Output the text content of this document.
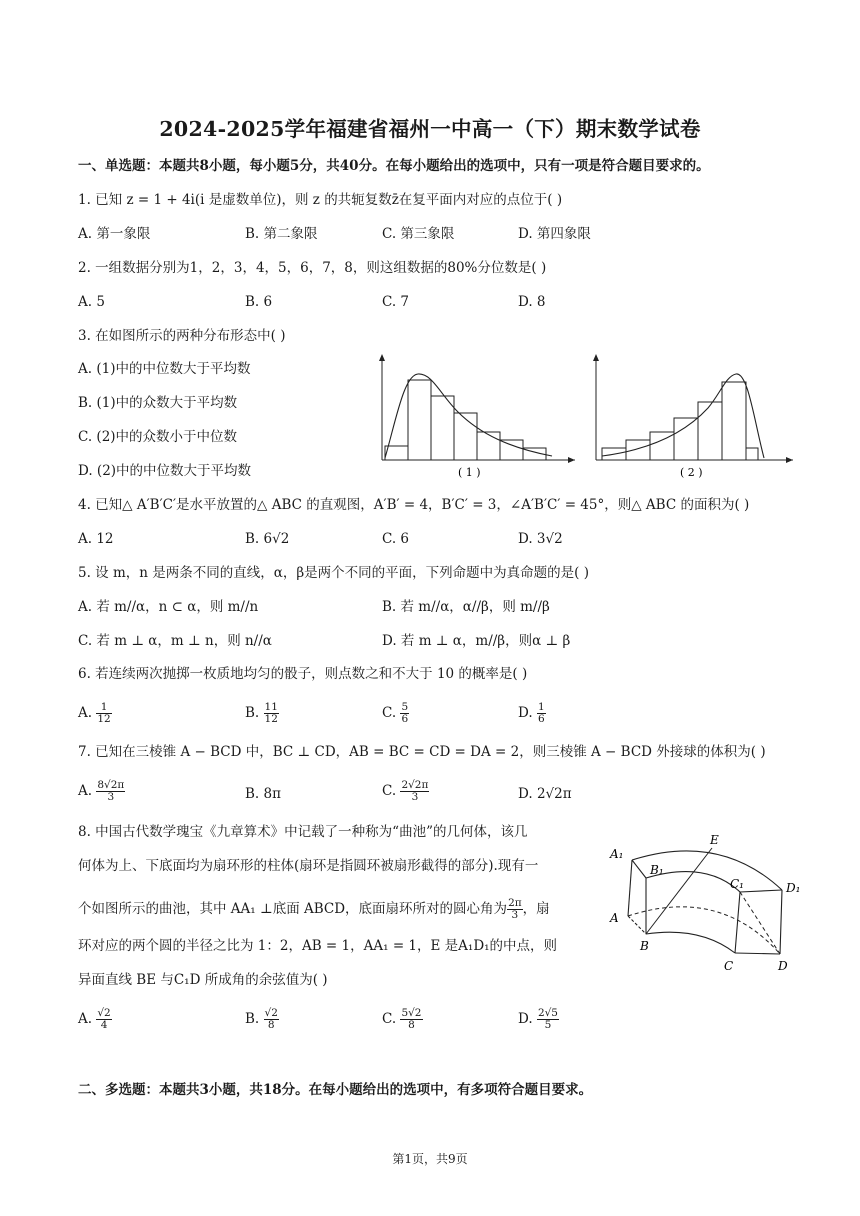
2024-2025学年福建省福州一中高一（下）期末数学试卷
一、单选题：本题共8小题，每小题5分，共40分。在每小题给出的选项中，只有一项是符合题目要求的。
1. 已知 z = 1 + 4i(i 是虚数单位)，则 z 的共轭复数z̄在复平面内对应的点位于( )
A. 第一象限	B. 第二象限	C. 第三象限	D. 第四象限
2. 一组数据分别为1，2，3，4，5，6，7，8，则这组数据的80%分位数是( )
A. 5	B. 6	C. 7	D. 8
3. 在如图所示的两种分布形态中( )
A. (1)中的中位数大于平均数
B. (1)中的众数大于平均数
C. (2)中的众数小于中位数
D. (2)中的中位数大于平均数	( 1 )	( 2 )
4. 已知△ A′B′C′是水平放置的△ ABC 的直观图，A′B′ = 4，B′C′ = 3，∠A′B′C′ = 45°，则△ ABC 的面积为( )
A. 12	B. 6√2	C. 6	D. 3√2
5. 设 m，n 是两条不同的直线，α，β是两个不同的平面，下列命题中为真命题的是( )
A. 若 m//α，n ⊂ α，则 m//n	B. 若 m//α，α//β，则 m//β
C. 若 m ⊥ α，m ⊥ n，则 n//α	D. 若 m ⊥ α，m//β，则α ⊥ β
6. 若连续两次抛掷一枚质地均匀的骰子，则点数之和不大于 10 的概率是( )
A. $\frac{1}{12}$	B. $\frac{11}{12}$	C. $\frac{5}{6}$	D. $\frac{1}{6}$
7. 已知在三棱锥 A − BCD 中，BC ⊥ CD，AB = BC = CD = DA = 2，则三棱锥 A − BCD 外接球的体积为( )
A. $\frac{8√2\pi}{3}$	B. 8π	C. $\frac{2√2\pi}{3}$	D. 2√2π
8. 中国古代数学瑰宝《九章算术》中记载了一种称为“曲池”的几何体，该几
何体为上、下底面均为扇环形的柱体(扇环是指圆环被扇形截得的部分).现有一
个如图所示的曲池，其中 AA₁ ⊥底面 ABCD，底面扇环所对的圆心角为 $\frac{2\pi}{3}$ ，扇
环对应的两个圆的半径之比为 1：2，AB = 1，AA₁ = 1，E 是A₁D₁的中点，则
异面直线 BE 与C₁D 所成角的余弦值为( )
A. $\frac{√2}{4}$	B. $\frac{√2}{8}$	C. $\frac{5√2}{8}$	D. $\frac{2√5}{5}$
A₁
B₁
E
C₁	D₁
A
B
C	D
二、多选题：本题共3小题，共18分。在每小题给出的选项中，有多项符合题目要求。
第1页，共9页
